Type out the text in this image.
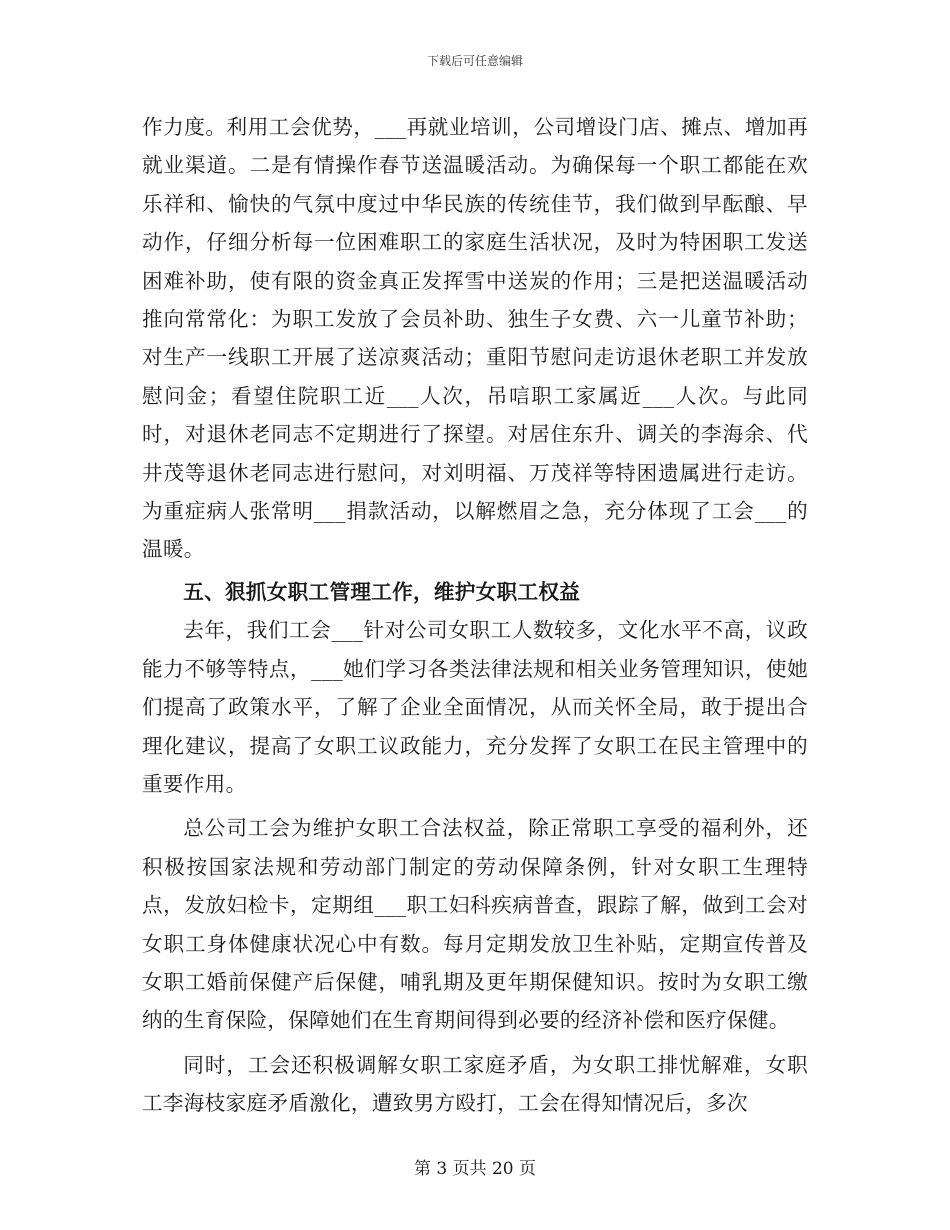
下载后可任意编辑

作力度。利用工会优势，___再就业培训，公司增设门店、摊点、增加再就业渠道。二是有情操作春节送温暖活动。为确保每一个职工都能在欢乐祥和、愉快的气氛中度过中华民族的传统佳节，我们做到早酝酿、早动作，仔细分析每一位困难职工的家庭生活状况，及时为特困职工发送困难补助，使有限的资金真正发挥雪中送炭的作用；三是把送温暖活动推向常常化：为职工发放了会员补助、独生子女费、六一儿童节补助；对生产一线职工开展了送凉爽活动；重阳节慰问走访退休老职工并发放慰问金；看望住院职工近___人次，吊唁职工家属近___人次。与此同时，对退休老同志不定期进行了探望。对居住东升、调关的李海余、代井茂等退休老同志进行慰问，对刘明福、万茂祥等特困遗属进行走访。为重症病人张常明___捐款活动，以解燃眉之急，充分体现了工会___的温暖。

五、狠抓女职工管理工作，维护女职工权益

去年，我们工会___针对公司女职工人数较多，文化水平不高，议政能力不够等特点，___她们学习各类法律法规和相关业务管理知识，使她们提高了政策水平，了解了企业全面情况，从而关怀全局，敢于提出合理化建议，提高了女职工议政能力，充分发挥了女职工在民主管理中的重要作用。

总公司工会为维护女职工合法权益，除正常职工享受的福利外，还积极按国家法规和劳动部门制定的劳动保障条例，针对女职工生理特点，发放妇检卡，定期组___职工妇科疾病普查，跟踪了解，做到工会对女职工身体健康状况心中有数。每月定期发放卫生补贴，定期宣传普及女职工婚前保健产后保健，哺乳期及更年期保健知识。按时为女职工缴纳的生育保险，保障她们在生育期间得到必要的经济补偿和医疗保健。

同时，工会还积极调解女职工家庭矛盾，为女职工排忧解难，女职工李海枝家庭矛盾激化，遭致男方殴打，工会在得知情况后，多次

第 3 页共 20 页
